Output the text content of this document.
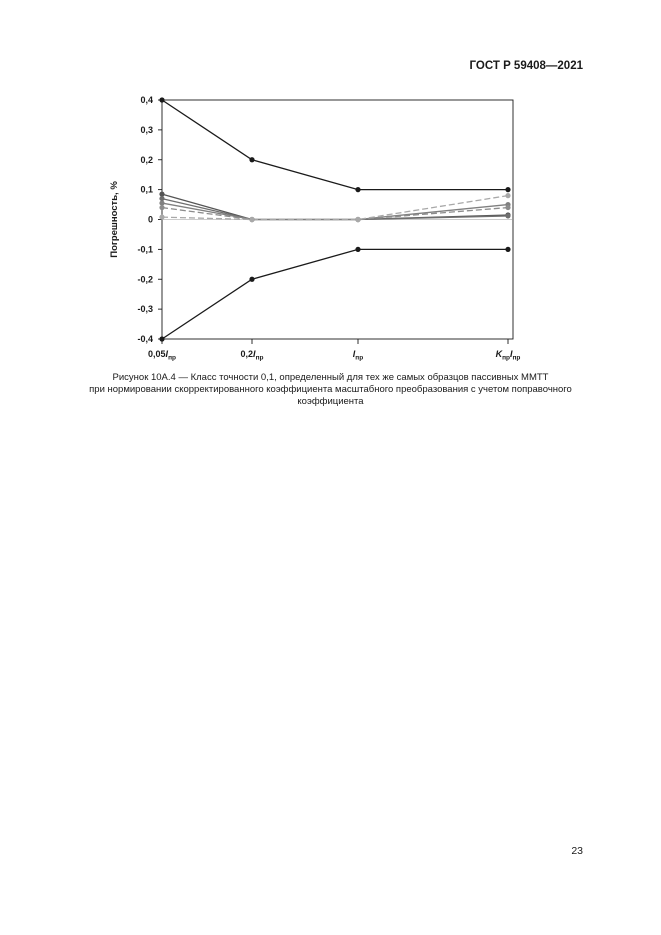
ГОСТ Р 59408—2021
0,4
0,3
0,2
0,1
0
-0,1
-0,2
-0,3
-0,4
$0,05I_{пр}$	$0,2I_{пр}$	$I_{пр}$	$K_{пр}I_{пр}$
Погрешность, %
Рисунок 10А.4 — Класс точности 0,1, определенный для тех же самых образцов пассивных ММТТ
при нормировании скорректированного коэффициента масштабного преобразования с учетом поправочного
коэффициента
23
